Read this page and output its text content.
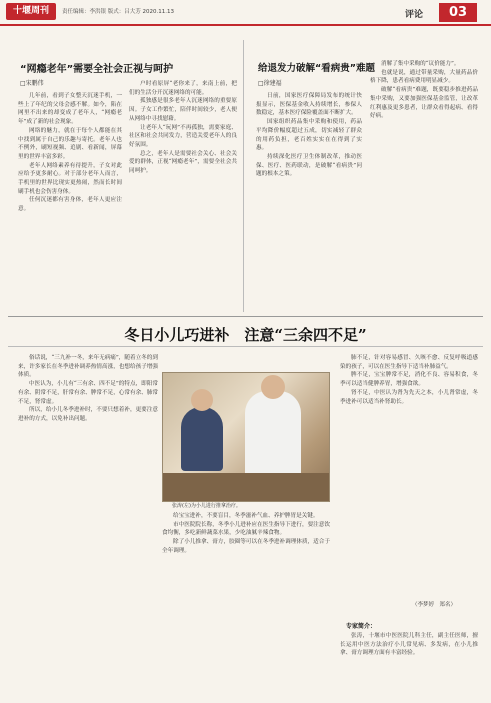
十堰周刊	责任编辑：李洪银 版式：吕大芳 2020.11.13	评论	03
“网瘾老年”需要全社会正视与呵护
□宋鹏伟

几年前，看到子女整天沉迷手机，一些上了年纪的父母会感不解。如今，陷在网里不出来的却变成了老年人，“网瘾老年”成了新的社会现象。

网络的魅力，就在于每个人都能在其中找到属于自己的乐趣与寄托。老年人也不例外，刷短视频、追剧、看新闻，屏幕里的世界丰富多彩。

老年人网络素养有待提升，子女对此应给予更多耐心。对于部分老年人而言，手机里的世界比现实更热闹，然而长时间刷手机也会伤害身体。

任何沉迷都有害身体，老年人更应注意。

户时看原屏“老你来了，来南上前，把们的生活分开沉迷网络的可能。

孤独感是很多老年人沉迷网络的重要原因。子女工作繁忙，陪伴时间较少，老人便从网络中寻找慰藉。

让老年人“玩网”不再孤独，需要家庭、社区和社会共同发力，营造关爱老年人的良好氛围。

总之，老年人是需要社会关心、社会关爱的群体，正视“网瘾老年”，需要全社会共同呵护。

给退发力破解“看病贵”难题
□徐建福

日前，国家医疗保障局发布的统计快报显示，医保基金收入持续增长，参保人数稳定，基本医疗保险覆盖面不断扩大。

国家组织药品集中采购和使用，药品平均降价幅度超过五成，切实减轻了群众的用药负担，老百姓实实在在得到了实惠。

持续深化医疗卫生体制改革，推动医保、医疗、医药联动，是破解“看病贵”问题的根本之策。

消解了集中采购的“议价能力”。

也就是说，通过带量采购，大量药品价格下降，患者看病费用明显减少。

破解“看病贵”难题，既要稳步推进药品集中采购，又要加强医保基金监管，让改革红利惠及更多患者，让群众看得起病、看得好病。

冬日小儿巧进补　注意“三余四不足”

俗话说，“三九补一冬，来年无病痛”，随着立冬的到来，许多家长在冬季进补调养热情高涨，也想给孩子增强体质。

中医认为，小儿有“三有余、四不足”的特点，即阳常有余、阴常不足，肝常有余、脾常不足，心常有余、肺常不足，肾常虚。

所以，给小儿冬季进补时，不要只想着补，更要注意进补的方式，以免补出问题。

张涛(左)为小儿进行推拿治疗。

给宝宝进补，不要盲目，冬季滋补气血、养护脾胃是关键。

市中医院院长称，冬季小儿进补应在医生指导下进行，要注意饮食均衡，多吃新鲜蔬菜水果，少吃油腻辛辣食物。

除了小儿推拿、膏方，胶圈等可以在冬季进补调理体质，适合于全年调理。

肺不足，针对容易感冒、久咳不愈、反复呼吸道感染的孩子，可以在医生指导下适当补肺益气。

脾不足，宝宝脾常不足，消化不良、容易积食，冬季可以适当健脾养胃，增强食欲。

肾不足，中医认为肾为先天之本，小儿肾常虚，冬季进补可以适当补肾助长。

（李梦婷　郑名）
专家简介：

张涛，十堰市中医医院儿科主任，副主任医师，擅长运用中医方法治疗小儿常见病、多发病，在小儿推拿、膏方调理方面有丰富经验。
